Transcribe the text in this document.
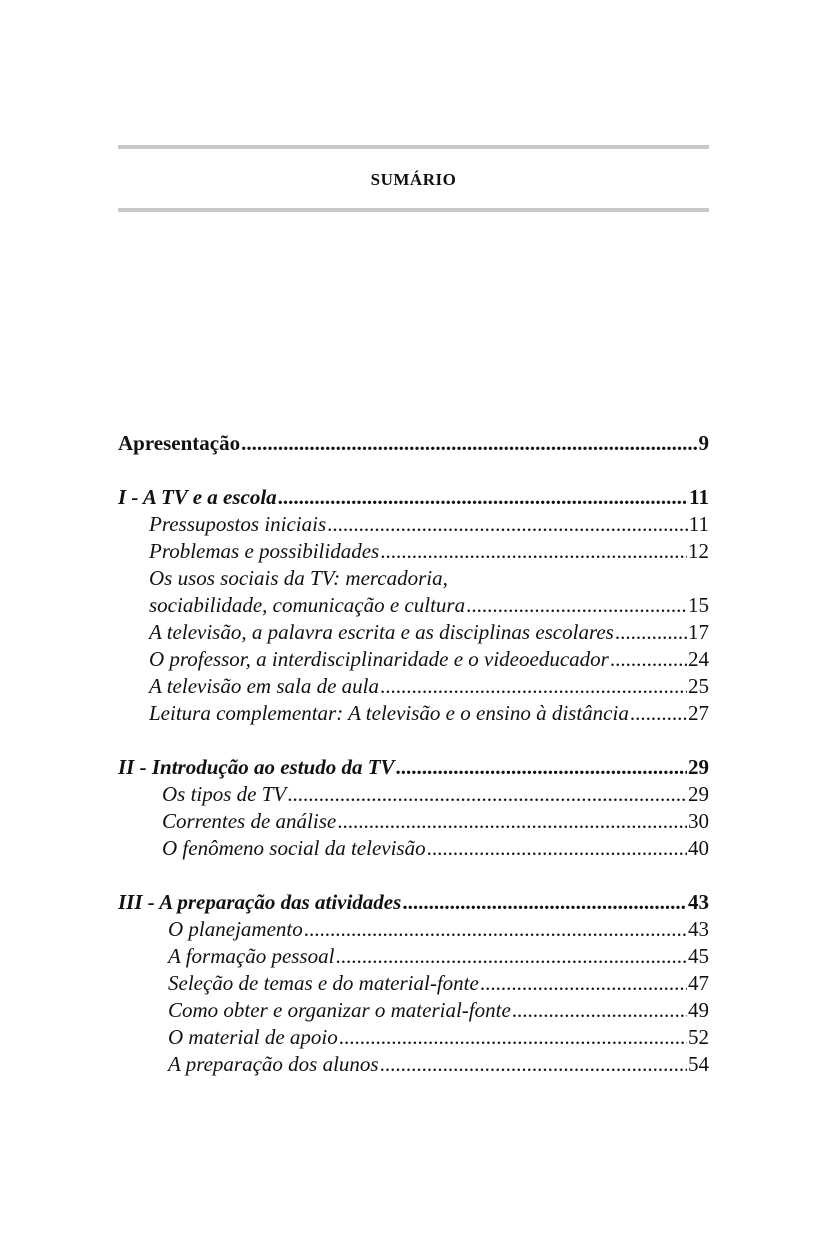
SUMÁRIO
Apresentação .....	9
I - A TV e a escola .....	11
Pressupostos iniciais .....	11
Problemas e possibilidades .....	12
Os usos sociais da TV: mercadoria,
sociabilidade, comunicação e cultura .....	15
A televisão, a palavra escrita e as disciplinas escolares .....	17
O professor, a interdisciplinaridade e o videoeducador .....	24
A televisão em sala de aula .....	25
Leitura complementar: A televisão e o ensino à distância .....	27
II - Introdução ao estudo da TV .....	29
Os tipos de TV .....	29
Correntes de análise .....	30
O fenômeno social da televisão .....	40
III - A preparação das atividades .....	43
O planejamento .....	43
A formação pessoal .....	45
Seleção de temas e do material-fonte .....	47
Como obter e organizar o material-fonte .....	49
O material de apoio .....	52
A preparação dos alunos .....	54
